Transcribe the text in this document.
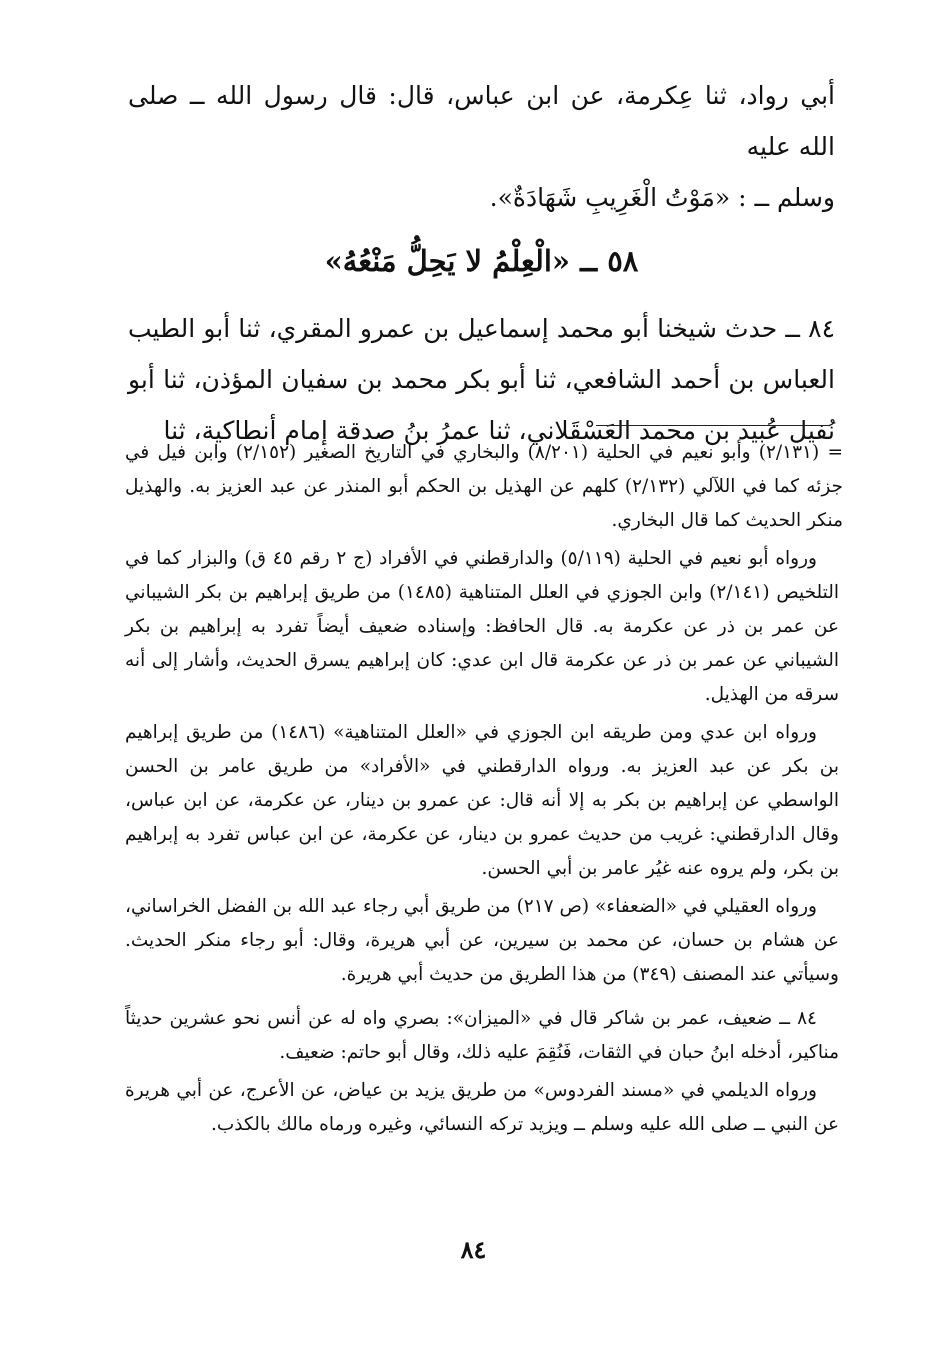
أبي رواد، ثنا عِكرمة، عن ابن عباس، قال: قال رسول الله ــ صلى الله عليه

وسلم ــ : «مَوْتُ الْغَرِيبِ شَهَادَةٌ».

٥٨ ــ «الْعِلْمُ لا يَحِلُّ مَنْعُهُ»

٨٤ ــ حدث شيخنا أبو محمد إسماعيل بن عمرو المقري، ثنا أبو الطيب العباس بن أحمد الشافعي، ثنا أبو بكر محمد بن سفيان المؤذن، ثنا أبو نُفيل عُبيد بن محمد العَسْقَلاني، ثنا عمرُ بنُ صدقة إمام أنطاكية، ثنا

= (٢/١٣١) وأبو نعيم في الحلية (٨/٢٠١) والبخاري في التاريخ الصغير (٢/١٥٢) وابن فيل في جزئه كما في اللآلي (٢/١٣٢) كلهم عن الهذيل بن الحكم أبو المنذر عن عبد العزيز به. والهذيل منكر الحديث كما قال البخاري.

ورواه أبو نعيم في الحلية (٥/١١٩) والدارقطني في الأفراد (ج ٢ رقم ٤٥ ق) والبزار كما في التلخيص (٢/١٤١) وابن الجوزي في العلل المتناهية (١٤٨٥) من طريق إبراهيم بن بكر الشيباني عن عمر بن ذر عن عكرمة به. قال الحافظ: وإسناده ضعيف أيضاً تفرد به إبراهيم بن بكر الشيباني عن عمر بن ذر عن عكرمة قال ابن عدي: كان إبراهيم يسرق الحديث، وأشار إلى أنه سرقه من الهذيل.

ورواه ابن عدي ومن طريقه ابن الجوزي في «العلل المتناهية» (١٤٨٦) من طريق إبراهيم بن بكر عن عبد العزيز به. ورواه الدارقطني في «الأفراد» من طريق عامر بن الحسن الواسطي عن إبراهيم بن بكر به إلا أنه قال: عن عمرو بن دينار، عن عكرمة، عن ابن عباس، وقال الدارقطني: غريب من حديث عمرو بن دينار، عن عكرمة، عن ابن عباس تفرد به إبراهيم بن بكر، ولم يروه عنه غيُر عامر بن أبي الحسن.

ورواه العقيلي في «الضعفاء» (ص ٢١٧) من طريق أبي رجاء عبد الله بن الفضل الخراساني، عن هشام بن حسان، عن محمد بن سيرين، عن أبي هريرة، وقال: أبو رجاء منكر الحديث. وسيأتي عند المصنف (٣٤٩) من هذا الطريق من حديث أبي هريرة.

٨٤ ــ ضعيف، عمر بن شاكر قال في «الميزان»: بصري واه له عن أنس نحو عشرين حديثاً مناكير، أدخله ابنُ حبان في الثقات، فَنُقِمَ عليه ذلك، وقال أبو حاتم: ضعيف.

ورواه الديلمي في «مسند الفردوس» من طريق يزيد بن عياض، عن الأعرج، عن أبي هريرة عن النبي ــ صلى الله عليه وسلم ــ ويزيد تركه النسائي، وغيره ورماه مالك بالكذب.

٨٤
